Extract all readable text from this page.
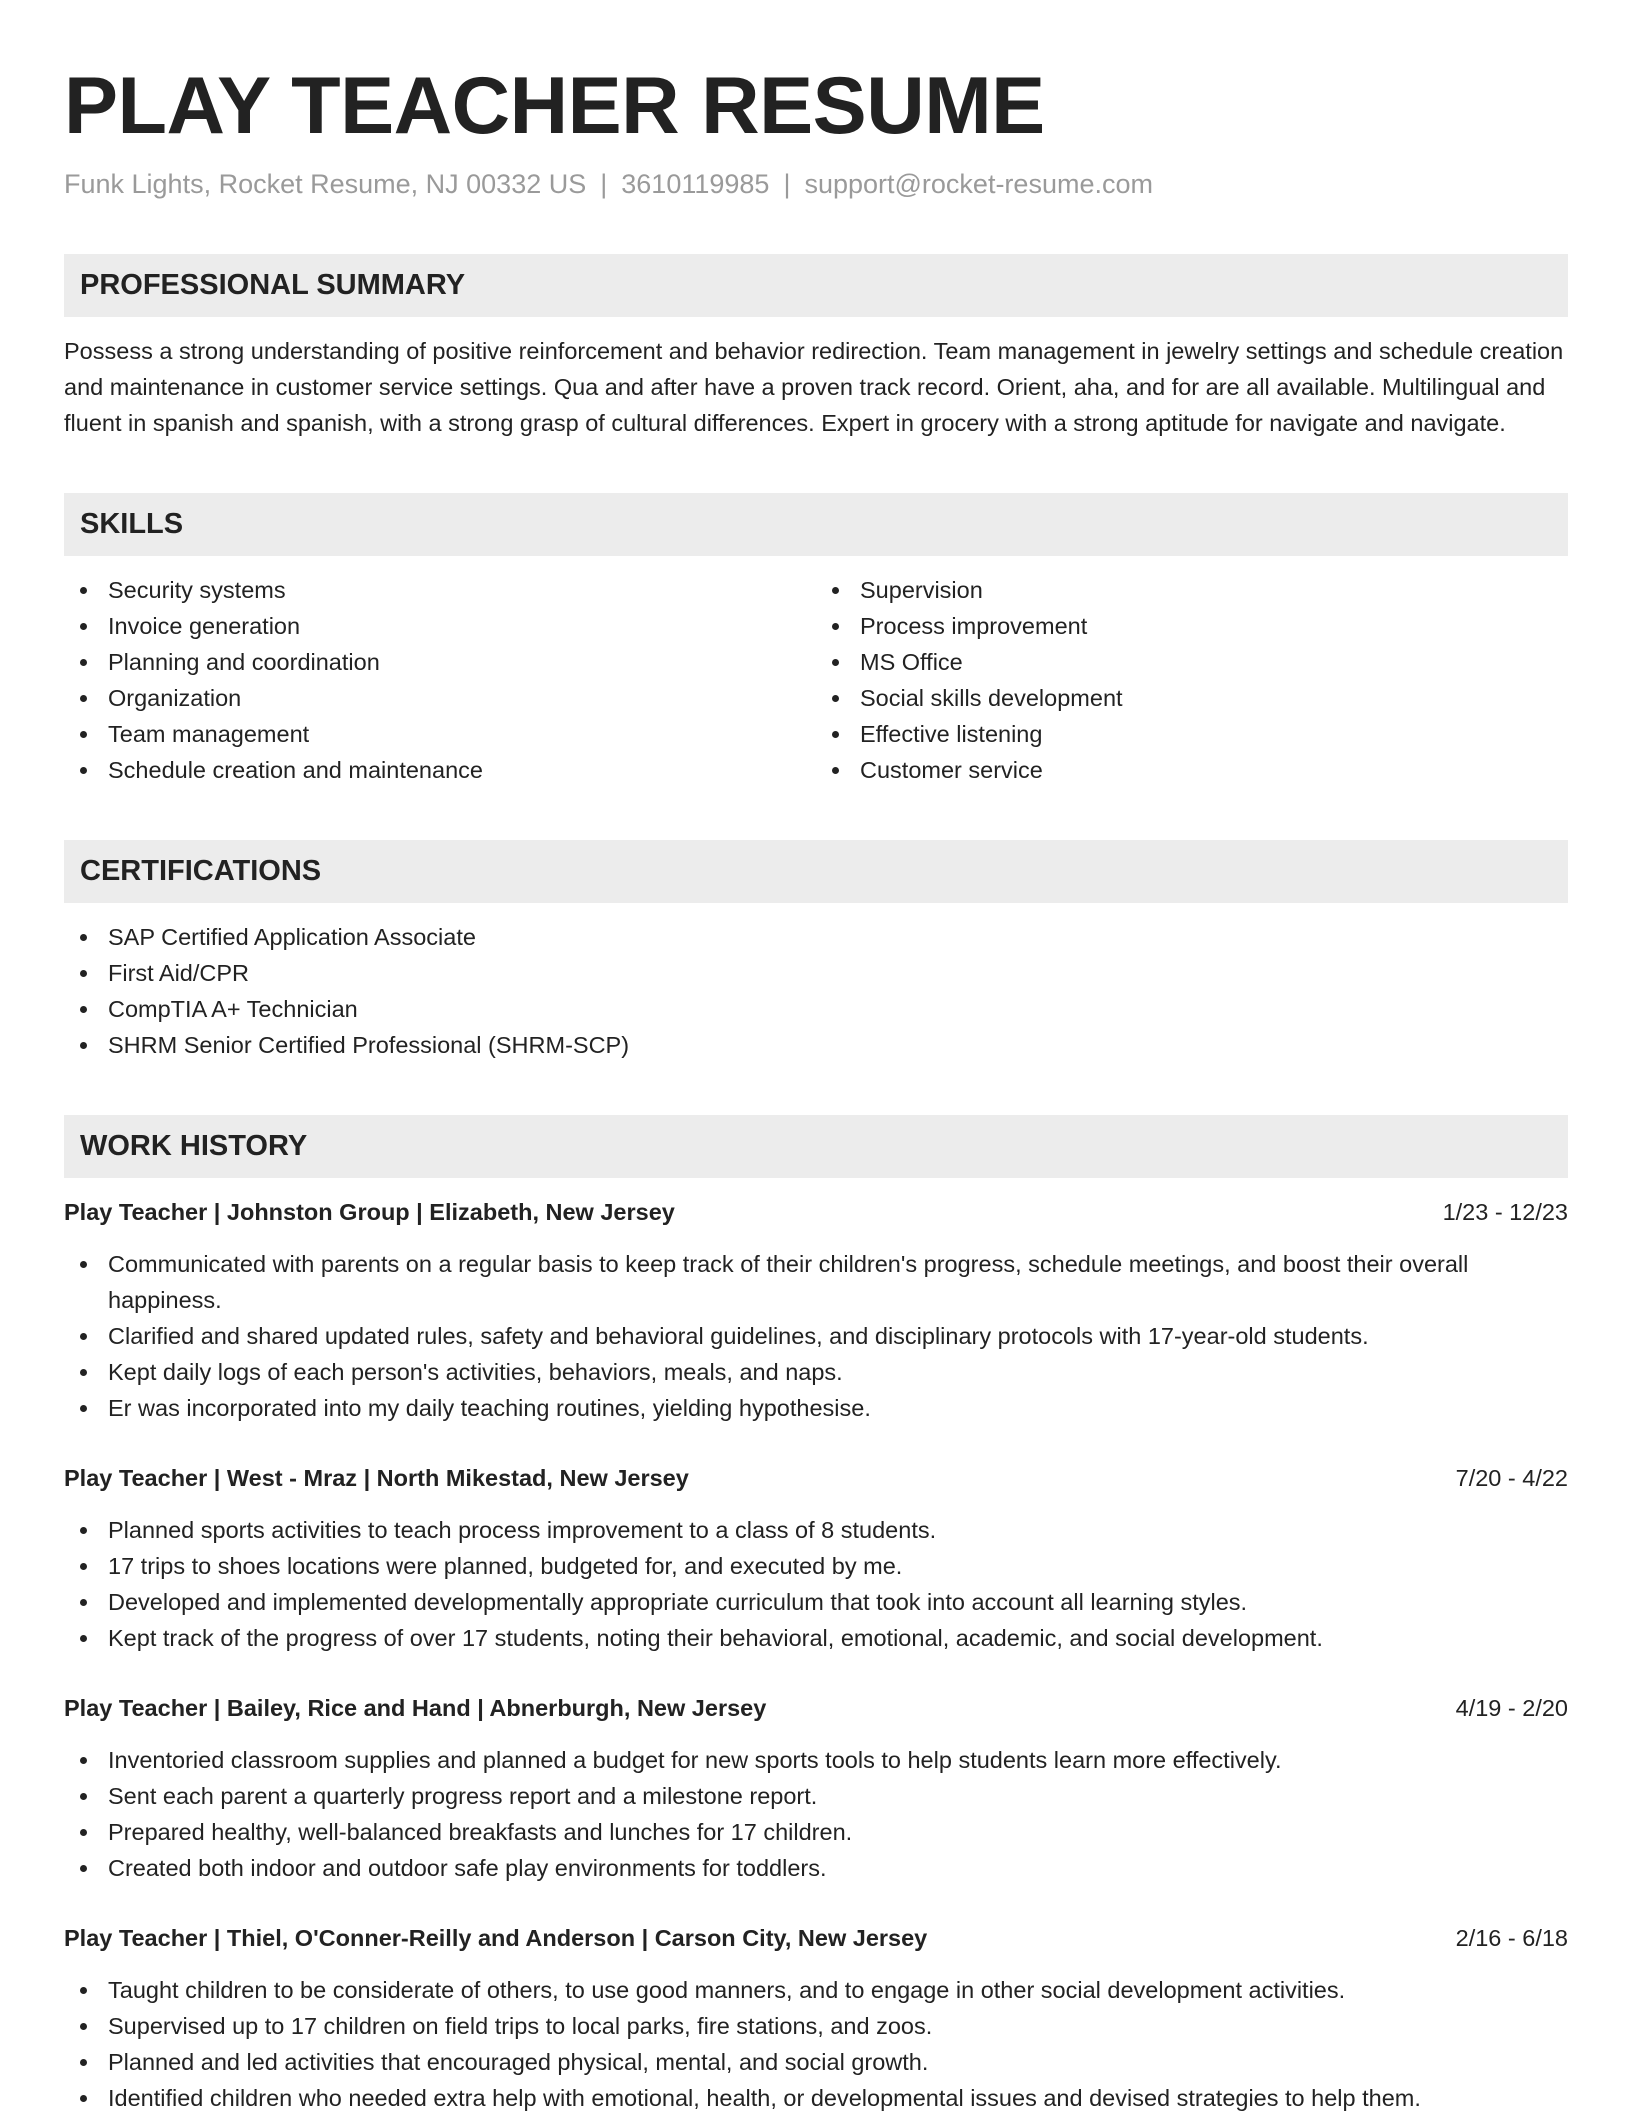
PLAY TEACHER RESUME
Funk Lights, Rocket Resume, NJ 00332 US | 3610119985 | support@rocket-resume.com
PROFESSIONAL SUMMARY

Possess a strong understanding of positive reinforcement and behavior redirection. Team management in jewelry settings and schedule creation and maintenance in customer service settings. Qua and after have a proven track record. Orient, aha, and for are all available. Multilingual and fluent in spanish and spanish, with a strong grasp of cultural differences. Expert in grocery with a strong aptitude for navigate and navigate.

SKILLS
Security systems
Invoice generation
Planning and coordination
Organization
Team management
Schedule creation and maintenance
Supervision
Process improvement
MS Office
Social skills development
Effective listening
Customer service
CERTIFICATIONS
SAP Certified Application Associate
First Aid/CPR
CompTIA A+ Technician
SHRM Senior Certified Professional (SHRM-SCP)
WORK HISTORY
Play Teacher | Johnston Group | Elizabeth, New Jersey	1/23 - 12/23
Communicated with parents on a regular basis to keep track of their children's progress, schedule meetings, and boost their overall happiness.
Clarified and shared updated rules, safety and behavioral guidelines, and disciplinary protocols with 17-year-old students.
Kept daily logs of each person's activities, behaviors, meals, and naps.
Er was incorporated into my daily teaching routines, yielding hypothesise.
Play Teacher | West - Mraz | North Mikestad, New Jersey	7/20 - 4/22
Planned sports activities to teach process improvement to a class of 8 students.
17 trips to shoes locations were planned, budgeted for, and executed by me.
Developed and implemented developmentally appropriate curriculum that took into account all learning styles.
Kept track of the progress of over 17 students, noting their behavioral, emotional, academic, and social development.
Play Teacher | Bailey, Rice and Hand | Abnerburgh, New Jersey	4/19 - 2/20
Inventoried classroom supplies and planned a budget for new sports tools to help students learn more effectively.
Sent each parent a quarterly progress report and a milestone report.
Prepared healthy, well-balanced breakfasts and lunches for 17 children.
Created both indoor and outdoor safe play environments for toddlers.
Play Teacher | Thiel, O'Conner-Reilly and Anderson | Carson City, New Jersey	2/16 - 6/18
Taught children to be considerate of others, to use good manners, and to engage in other social development activities.
Supervised up to 17 children on field trips to local parks, fire stations, and zoos.
Planned and led activities that encouraged physical, mental, and social growth.
Identified children who needed extra help with emotional, health, or developmental issues and devised strategies to help them.
